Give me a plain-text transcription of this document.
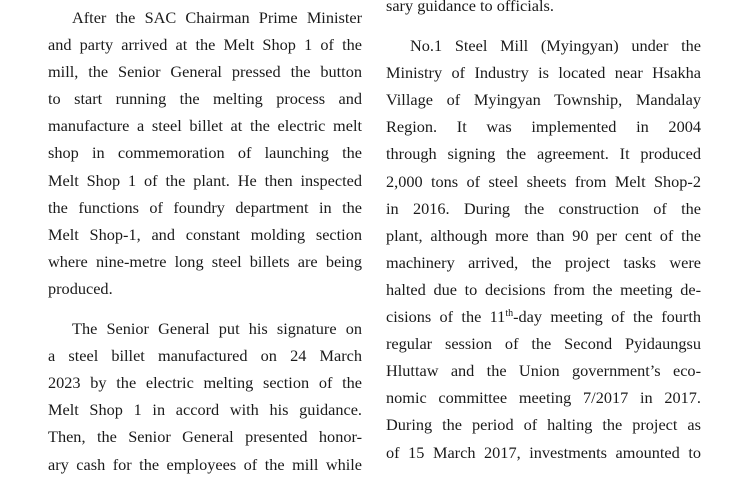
After the SAC Chairman Prime Minister
and party arrived at the Melt Shop 1 of the
mill, the Senior General pressed the button
to start running the melting process and
manufacture a steel billet at the electric melt
shop in commemoration of launching the
Melt Shop 1 of the plant. He then inspected
the functions of foundry department in the
Melt Shop-1, and constant molding section
where nine-metre long steel billets are being
produced.
The Senior General put his signature on
a steel billet manufactured on 24 March
2023 by the electric melting section of the
Melt Shop 1 in accord with his guidance.
Then, the Senior General presented honor-
ary cash for the employees of the mill while
sary guidance to officials.
No.1 Steel Mill (Myingyan) under the
Ministry of Industry is located near Hsakha
Village of Myingyan Township, Mandalay
Region. It was implemented in 2004
through signing the agreement. It produced
2,000 tons of steel sheets from Melt Shop-2
in 2016. During the construction of the
plant, although more than 90 per cent of the
machinery arrived, the project tasks were
halted due to decisions from the meeting de-
cisions of the 11th-day meeting of the fourth
regular session of the Second Pyidaungsu
Hluttaw and the Union government’s eco-
nomic committee meeting 7/2017 in 2017.
During the period of halting the project as
of 15 March 2017, investments amounted to
